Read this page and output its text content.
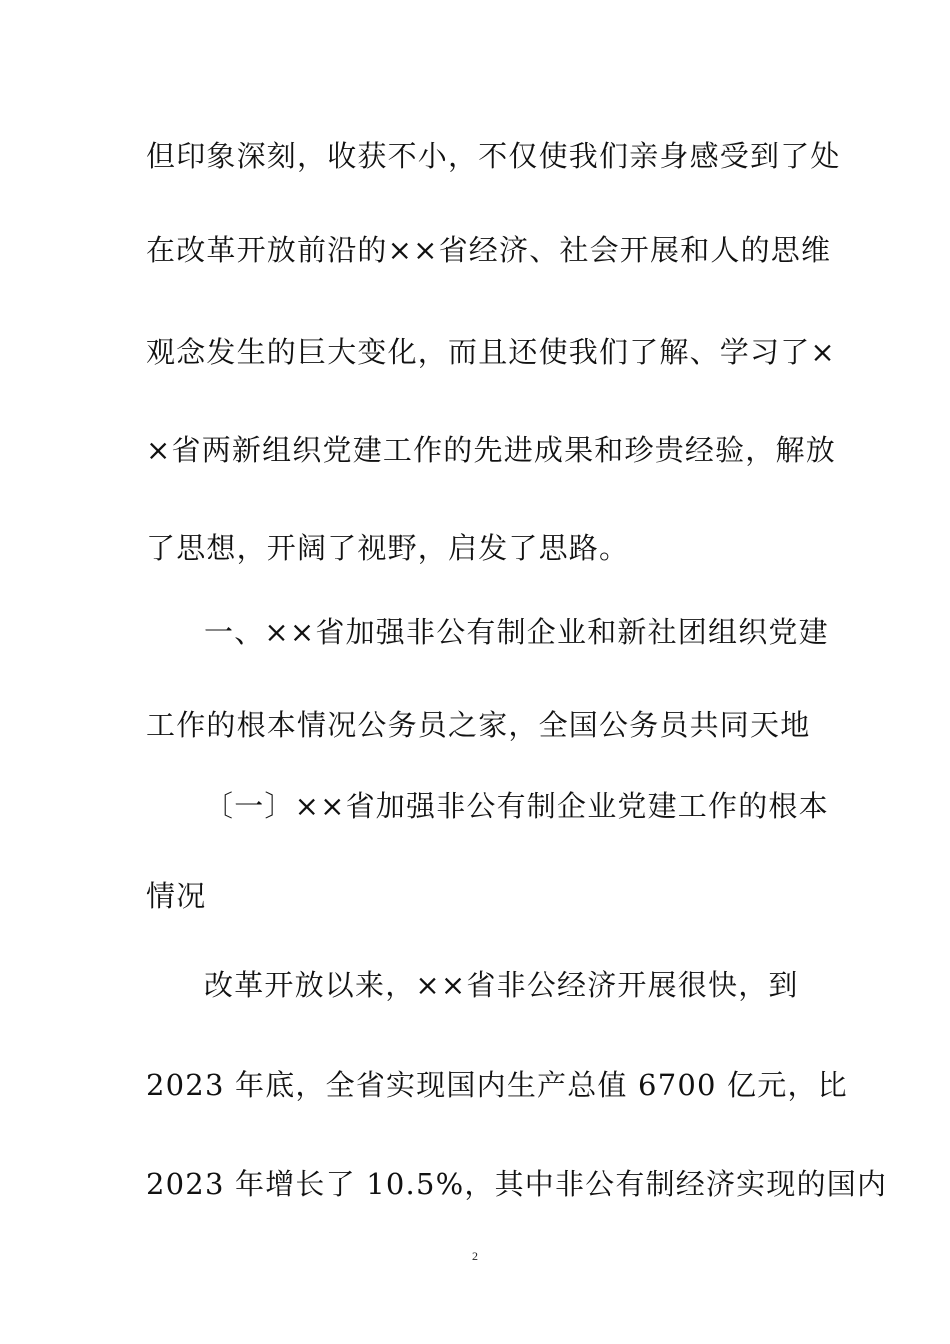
但印象深刻，收获不小，不仅使我们亲身感受到了处
在改革开放前沿的××省经济、社会开展和人的思维
观念发生的巨大变化，而且还使我们了解、学习了×
×省两新组织党建工作的先进成果和珍贵经验，解放
了思想，开阔了视野，启发了思路。
一、××省加强非公有制企业和新社团组织党建
工作的根本情况公务员之家，全国公务员共同天地
〔一〕××省加强非公有制企业党建工作的根本
情况
改革开放以来，××省非公经济开展很快，到
2023 年底，全省实现国内生产总值 6700 亿元，比
2023 年增长了 10.5%，其中非公有制经济实现的国内
2
